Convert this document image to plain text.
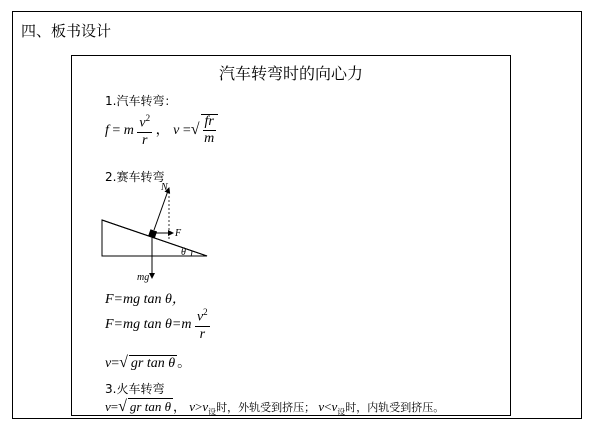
四、板书设计
汽车转弯时的向心力
1.汽车转弯：
f = m $\frac{v^2}{r}$ ， v =√ $\frac{fr}{m}$
2.赛车转弯
N
F
mg
θ
F=mg tan θ，
F=mg $\tan \theta=m \frac{v^2}{r}$
v=√ gr tan θ 。
3.火车转弯
v=√ gr tan θ ， $v>v_设$时，外轨受到挤压； $v<v_设$时，内轨受到挤压。
